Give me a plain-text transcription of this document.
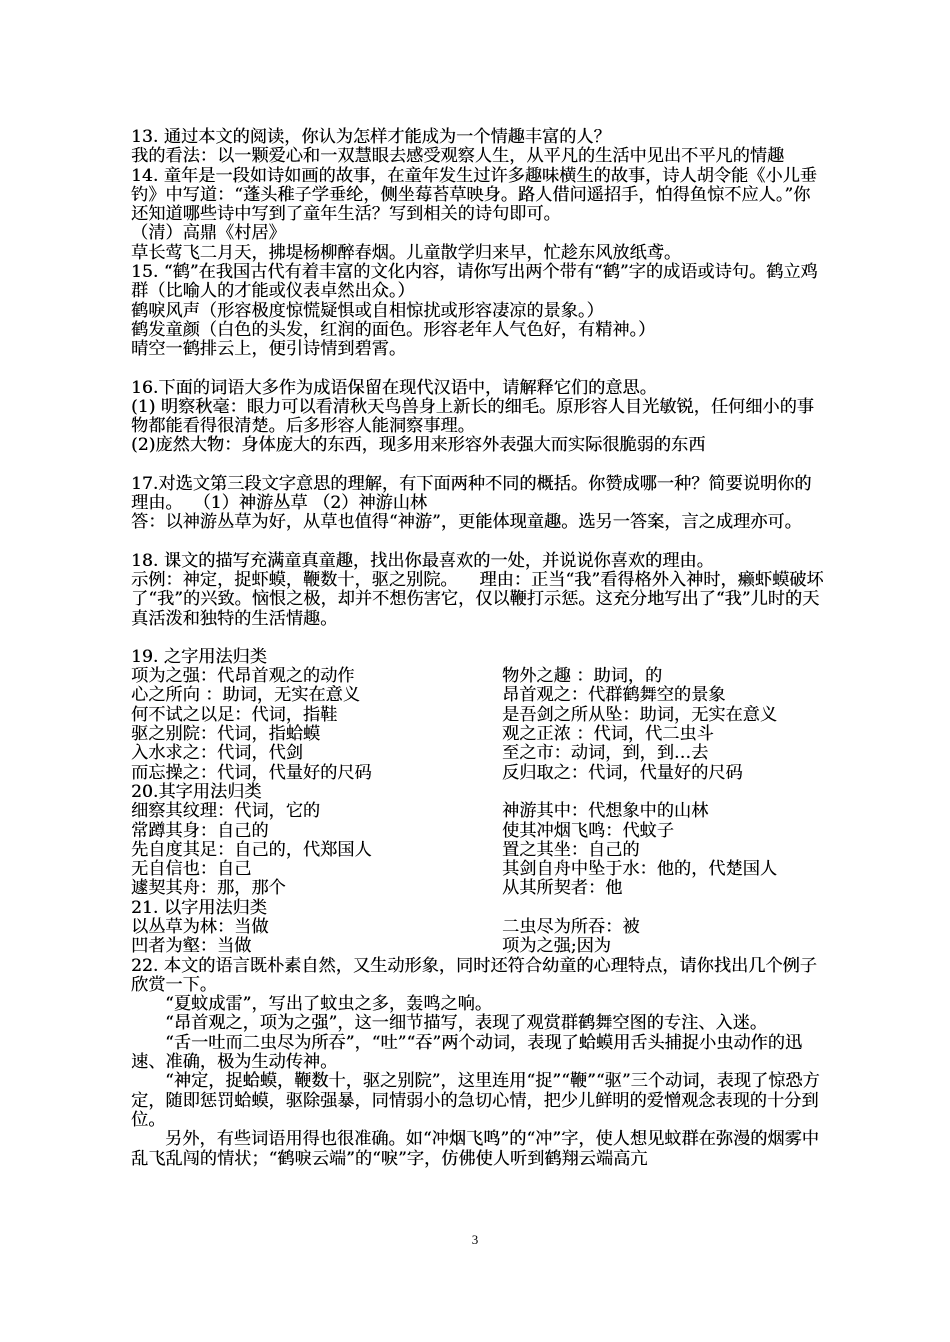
13. 通过本文的阅读，你认为怎样才能成为一个情趣丰富的人？
我的看法：以一颗爱心和一双慧眼去感受观察人生，从平凡的生活中见出不平凡的情趣
14. 童年是一段如诗如画的故事，在童年发生过许多趣味横生的故事，诗人胡令能《小儿垂钓》中写道：“蓬头稚子学垂纶，侧坐莓苔草映身。路人借问遥招手，怕得鱼惊不应人。”你还知道哪些诗中写到了童年生活？写到相关的诗句即可。
（清）高鼎《村居》
草长莺飞二月天，拂堤杨柳醉春烟。儿童散学归来早，忙趁东风放纸鸢。
15. “鹤”在我国古代有着丰富的文化内容，请你写出两个带有“鹤”字的成语或诗句。鹤立鸡群（比喻人的才能或仪表卓然出众。）
鹤唳风声（形容极度惊慌疑惧或自相惊扰或形容凄凉的景象。）
鹤发童颜（白色的头发，红润的面色。形容老年人气色好，有精神。）
晴空一鹤排云上，便引诗情到碧霄。
16.下面的词语大多作为成语保留在现代汉语中，请解释它们的意思。
(1) 明察秋毫：眼力可以看清秋天鸟兽身上新长的细毛。原形容人目光敏锐，任何细小的事物都能看得很清楚。后多形容人能洞察事理。
(2)庞然大物：身体庞大的东西，现多用来形容外表强大而实际很脆弱的东西
17.对选文第三段文字意思的理解，有下面两种不同的概括。你赞成哪一种？简要说明你的理由。  （1）神游丛草 （2）神游山林
答：以神游丛草为好，从草也值得“神游”，更能体现童趣。选另一答案，言之成理亦可。
18. 课文的描写充满童真童趣，找出你最喜欢的一处，并说说你喜欢的理由。
示例：神定，捉虾蟆，鞭数十，驱之别院。    理由：正当“我”看得格外入神时，癞虾蟆破坏了“我”的兴致。恼恨之极，却并不想伤害它，仅以鞭打示惩。这充分地写出了“我”儿时的天真活泼和独特的生活情趣。
19. 之字用法归类
项为之强：代昂首观之的动作	物外之趣 ：助词，的
心之所向 ：助词，无实在意义	昂首观之：代群鹤舞空的景象
何不试之以足：代词，指鞋	是吾剑之所从坠：助词，无实在意义
驱之别院：代词，指蛤蟆	观之正浓 ：代词，代二虫斗
入水求之：代词，代剑	至之市：动词，到，到…去
而忘操之：代词，代量好的尺码	反归取之：代词，代量好的尺码
20.其字用法归类
细察其纹理：代词，它的	神游其中：代想象中的山林
常蹲其身：自己的	使其冲烟飞鸣：代蚊子
先自度其足：自己的，代郑国人	置之其坐：自己的
无自信也：自己	其剑自舟中坠于水：他的，代楚国人
遽契其舟：那，那个	从其所契者：他
21. 以字用法归类
以丛草为林：当做	二虫尽为所吞：被
凹者为壑：当做	项为之强;因为
22. 本文的语言既朴素自然，又生动形象，同时还符合幼童的心理特点，请你找出几个例子欣赏一下。
“夏蚊成雷”，写出了蚊虫之多，轰鸣之响。
“昂首观之，项为之强”，这一细节描写，表现了观赏群鹤舞空图的专注、入迷。
“舌一吐而二虫尽为所吞”，“吐”“吞”两个动词，表现了蛤蟆用舌头捕捉小虫动作的迅速、准确，极为生动传神。
“神定，捉蛤蟆，鞭数十，驱之别院”，这里连用“捉”“鞭”“驱”三个动词，表现了惊恐方定，随即惩罚蛤蟆，驱除强暴，同情弱小的急切心情，把少儿鲜明的爱憎观念表现的十分到位。
另外，有些词语用得也很准确。如“冲烟飞鸣”的“冲”字，使人想见蚊群在弥漫的烟雾中乱飞乱闯的情状；“鹤唳云端”的“唳”字，仿佛使人听到鹤翔云端高亢
3
